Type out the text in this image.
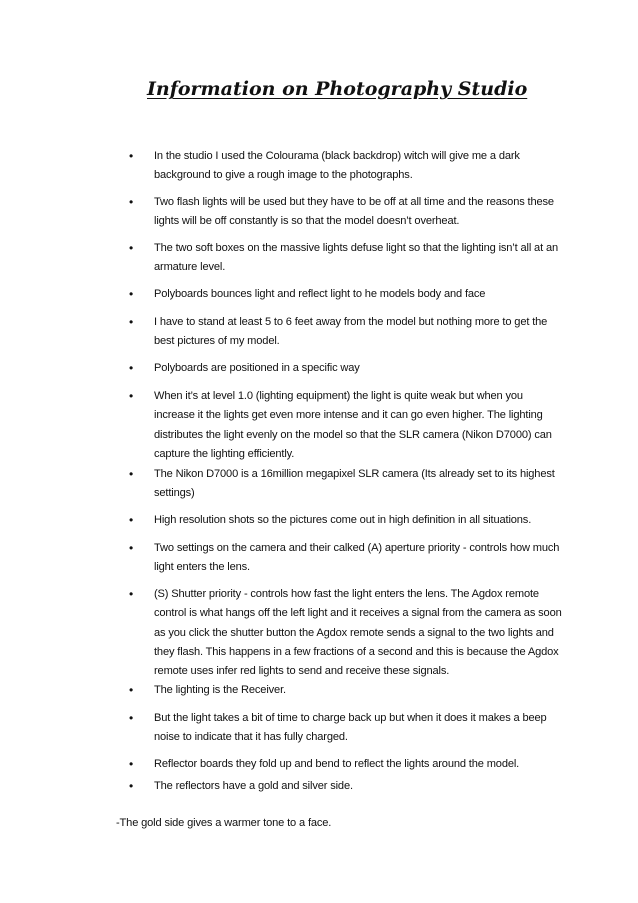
Information on Photography Studio
• In the studio I used the Colourama (black backdrop) witch will give me a dark background to give a rough image to the photographs.
• Two flash lights will be used but they have to be off at all time and the reasons these lights will be off constantly is so that the model doesn’t overheat.
• The two soft boxes on the massive lights defuse light so that the lighting isn’t all at an armature level.
• Polyboards bounces light and reflect light to he models body and face
• I have to stand at least 5 to 6 feet away from the model but nothing more to get the best pictures of my model.
• Polyboards are positioned in a specific way
• When it’s at level 1.0 (lighting equipment) the light is quite weak but when you increase it the lights get even more intense and it can go even higher. The lighting distributes the light evenly on the model so that the SLR camera (Nikon D7000) can capture the lighting efficiently.
• The Nikon D7000 is a 16million megapixel SLR camera (Its already set to its highest settings)
• High resolution shots so the pictures come out in high definition in all situations.
• Two settings on the camera and their calked (A) aperture priority - controls how much light enters the lens.
• (S) Shutter priority - controls how fast the light enters the lens. The Agdox remote control is what hangs off the left light and it receives a signal from the camera as soon as you click the shutter button the Agdox remote sends a signal to the two lights and they flash. This happens in a few fractions of a second and this is because the Agdox remote uses infer red lights to send and receive these signals.
• The lighting is the Receiver.
• But the light takes a bit of time to charge back up but when it does it makes a beep noise to indicate that it has fully charged.
• Reflector boards they fold up and bend to reflect the lights around the model.
• The reflectors have a gold and silver side.

-The gold side gives a warmer tone to a face.
